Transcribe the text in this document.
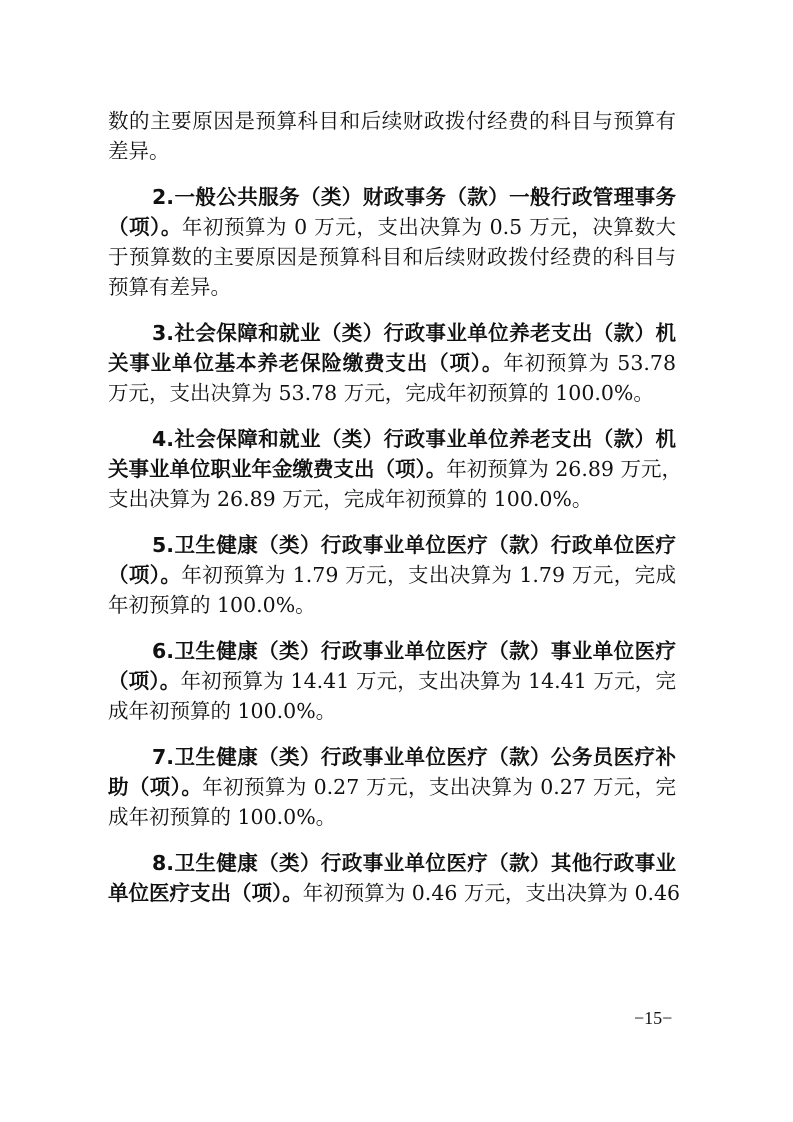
数的主要原因是预算科目和后续财政拨付经费的科目与预算有
差异。
2.一般公共服务（类）财政事务（款）一般行政管理事务
（项）。年初预算为 0 万元，支出决算为 0.5 万元，决算数大
于预算数的主要原因是预算科目和后续财政拨付经费的科目与
预算有差异。
3.社会保障和就业（类）行政事业单位养老支出（款）机
关事业单位基本养老保险缴费支出（项）。年初预算为 53.78
万元，支出决算为 53.78 万元，完成年初预算的 100.0%。
4.社会保障和就业（类）行政事业单位养老支出（款）机
关事业单位职业年金缴费支出（项）。年初预算为 26.89 万元，
支出决算为 26.89 万元，完成年初预算的 100.0%。
5.卫生健康（类）行政事业单位医疗（款）行政单位医疗
（项）。年初预算为 1.79 万元，支出决算为 1.79 万元，完成
年初预算的 100.0%。
6.卫生健康（类）行政事业单位医疗（款）事业单位医疗
（项）。年初预算为 14.41 万元，支出决算为 14.41 万元，完
成年初预算的 100.0%。
7.卫生健康（类）行政事业单位医疗（款）公务员医疗补
助（项）。年初预算为 0.27 万元，支出决算为 0.27 万元，完
成年初预算的 100.0%。
8.卫生健康（类）行政事业单位医疗（款）其他行政事业
单位医疗支出（项）。年初预算为 0.46 万元，支出决算为 0.46
−15−
